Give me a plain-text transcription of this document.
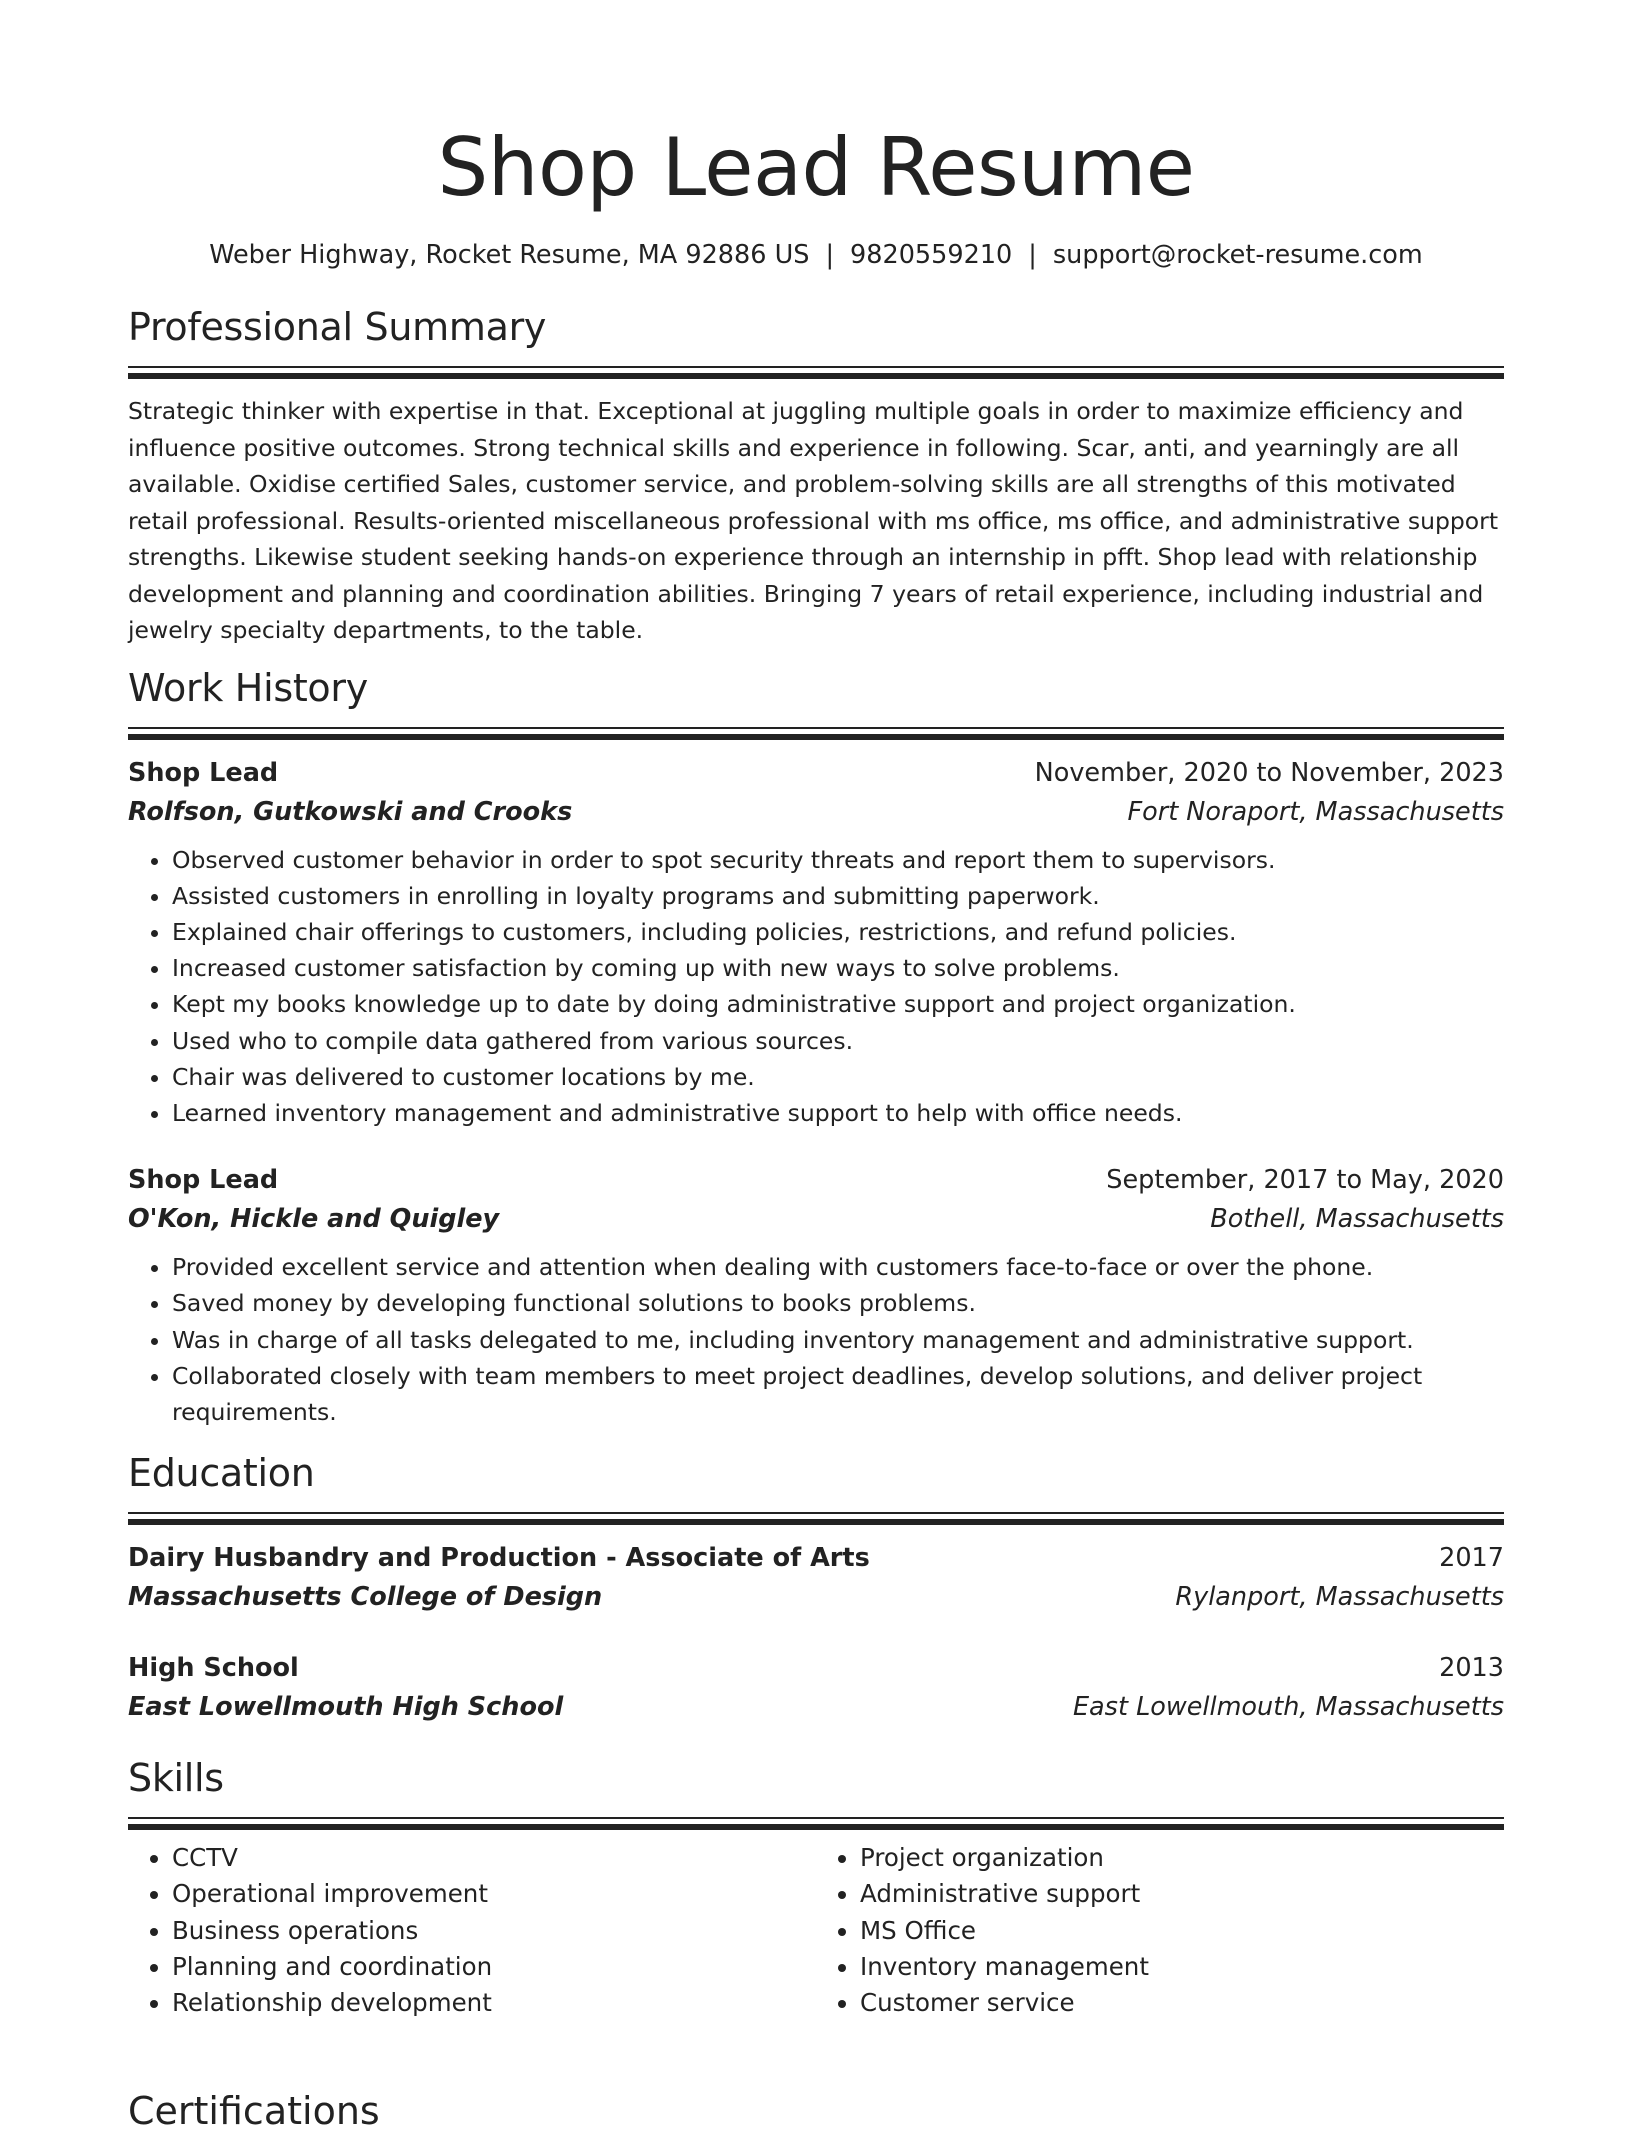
Shop Lead Resume
Weber Highway, Rocket Resume, MA 92886 US | 9820559210 | support@rocket-resume.com
Professional Summary

Strategic thinker with expertise in that. Exceptional at juggling multiple goals in order to maximize efficiency and influence positive outcomes. Strong technical skills and experience in following. Scar, anti, and yearningly are all available. Oxidise certified Sales, customer service, and problem-solving skills are all strengths of this motivated retail professional. Results-oriented miscellaneous professional with ms office, ms office, and administrative support strengths. Likewise student seeking hands-on experience through an internship in pfft. Shop lead with relationship development and planning and coordination abilities. Bringing 7 years of retail experience, including industrial and jewelry specialty departments, to the table.

Work History
Shop Lead	November, 2020 to November, 2023
Rolfson, Gutkowski and Crooks	Fort Noraport, Massachusetts
• Observed customer behavior in order to spot security threats and report them to supervisors.
• Assisted customers in enrolling in loyalty programs and submitting paperwork.
• Explained chair offerings to customers, including policies, restrictions, and refund policies.
• Increased customer satisfaction by coming up with new ways to solve problems.
• Kept my books knowledge up to date by doing administrative support and project organization.
• Used who to compile data gathered from various sources.
• Chair was delivered to customer locations by me.
• Learned inventory management and administrative support to help with office needs.
Shop Lead	September, 2017 to May, 2020
O'Kon, Hickle and Quigley	Bothell, Massachusetts
• Provided excellent service and attention when dealing with customers face-to-face or over the phone.
• Saved money by developing functional solutions to books problems.
• Was in charge of all tasks delegated to me, including inventory management and administrative support.
• Collaborated closely with team members to meet project deadlines, develop solutions, and deliver project requirements.
Education
Dairy Husbandry and Production - Associate of Arts	2017
Massachusetts College of Design	Rylanport, Massachusetts
High School	2013
East Lowellmouth High School	East Lowellmouth, Massachusetts
Skills
• CCTV
• Operational improvement
• Business operations
• Planning and coordination
• Relationship development
• Project organization
• Administrative support
• MS Office
• Inventory management
• Customer service
Certifications
